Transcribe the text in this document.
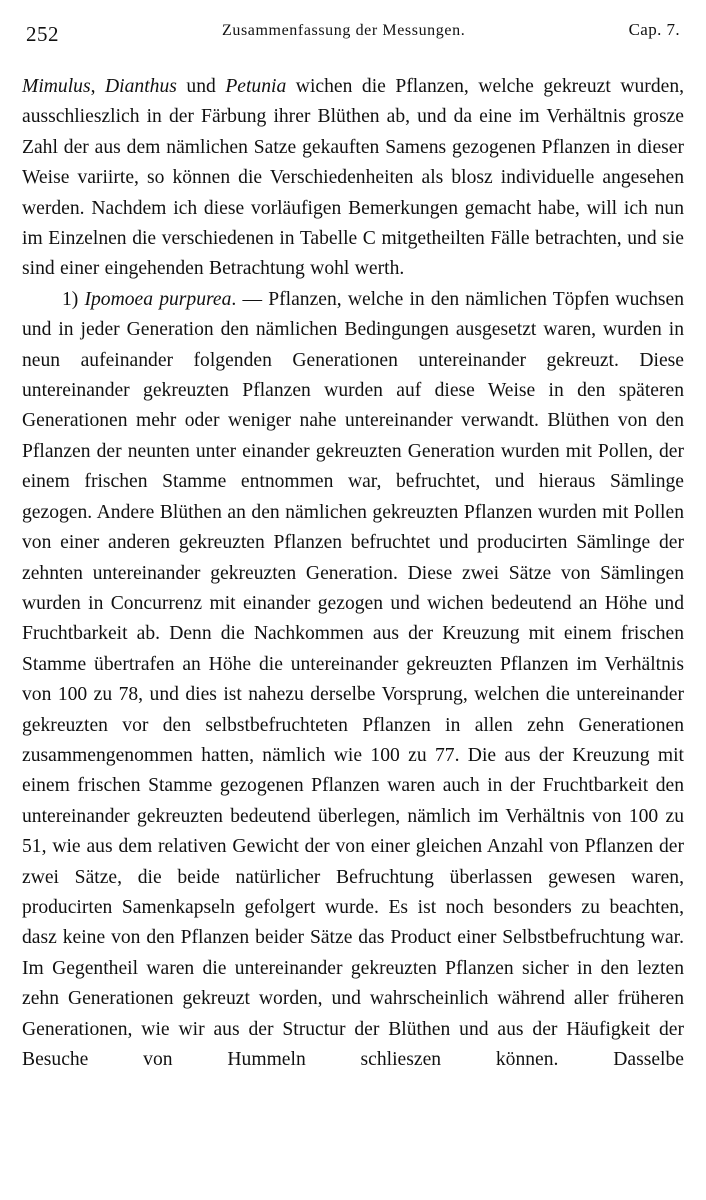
252	Zusammenfassung der Messungen.	Cap. 7.

Mimulus, Dianthus und Petunia wichen die Pflanzen, welche gekreuzt wurden, ausschlieszlich in der Färbung ihrer Blüthen ab, und da eine im Verhältnis grosze Zahl der aus dem nämlichen Satze gekauften Samens gezogenen Pflanzen in dieser Weise variirte, so können die Verschiedenheiten als blosz individuelle angesehen werden. Nachdem ich diese vorläufigen Bemerkungen gemacht habe, will ich nun im Einzelnen die verschiedenen in Tabelle C mitgetheilten Fälle betrachten, und sie sind einer eingehenden Betrachtung wohl werth.

1) Ipomoea purpurea. — Pflanzen, welche in den nämlichen Töpfen wuchsen und in jeder Generation den nämlichen Bedingungen ausgesetzt waren, wurden in neun aufeinander folgenden Generationen untereinander gekreuzt. Diese untereinander gekreuzten Pflanzen wurden auf diese Weise in den späteren Generationen mehr oder weniger nahe untereinander verwandt. Blüthen von den Pflanzen der neunten unter einander gekreuzten Generation wurden mit Pollen, der einem frischen Stamme entnommen war, befruchtet, und hieraus Sämlinge gezogen. Andere Blüthen an den nämlichen gekreuzten Pflanzen wurden mit Pollen von einer anderen gekreuzten Pflanzen befruchtet und producirten Sämlinge der zehnten untereinander gekreuzten Generation. Diese zwei Sätze von Sämlingen wurden in Concurrenz mit einander gezogen und wichen bedeutend an Höhe und Fruchtbarkeit ab. Denn die Nachkommen aus der Kreuzung mit einem frischen Stamme übertrafen an Höhe die untereinander gekreuzten Pflanzen im Verhältnis von 100 zu 78, und dies ist nahezu derselbe Vorsprung, welchen die untereinander gekreuzten vor den selbstbefruchteten Pflanzen in allen zehn Generationen zusammengenommen hatten, nämlich wie 100 zu 77. Die aus der Kreuzung mit einem frischen Stamme gezogenen Pflanzen waren auch in der Fruchtbarkeit den untereinander gekreuzten bedeutend überlegen, nämlich im Verhältnis von 100 zu 51, wie aus dem relativen Gewicht der von einer gleichen Anzahl von Pflanzen der zwei Sätze, die beide natürlicher Befruchtung überlassen gewesen waren, producirten Samenkapseln gefolgert wurde. Es ist noch besonders zu beachten, dasz keine von den Pflanzen beider Sätze das Product einer Selbstbefruchtung war. Im Gegentheil waren die untereinander gekreuzten Pflanzen sicher in den lezten zehn Generationen gekreuzt worden, und wahrscheinlich während aller früheren Generationen, wie wir aus der Structur der Blüthen und aus der Häufigkeit der Besuche von Hummeln schlieszen können. Dasselbe
